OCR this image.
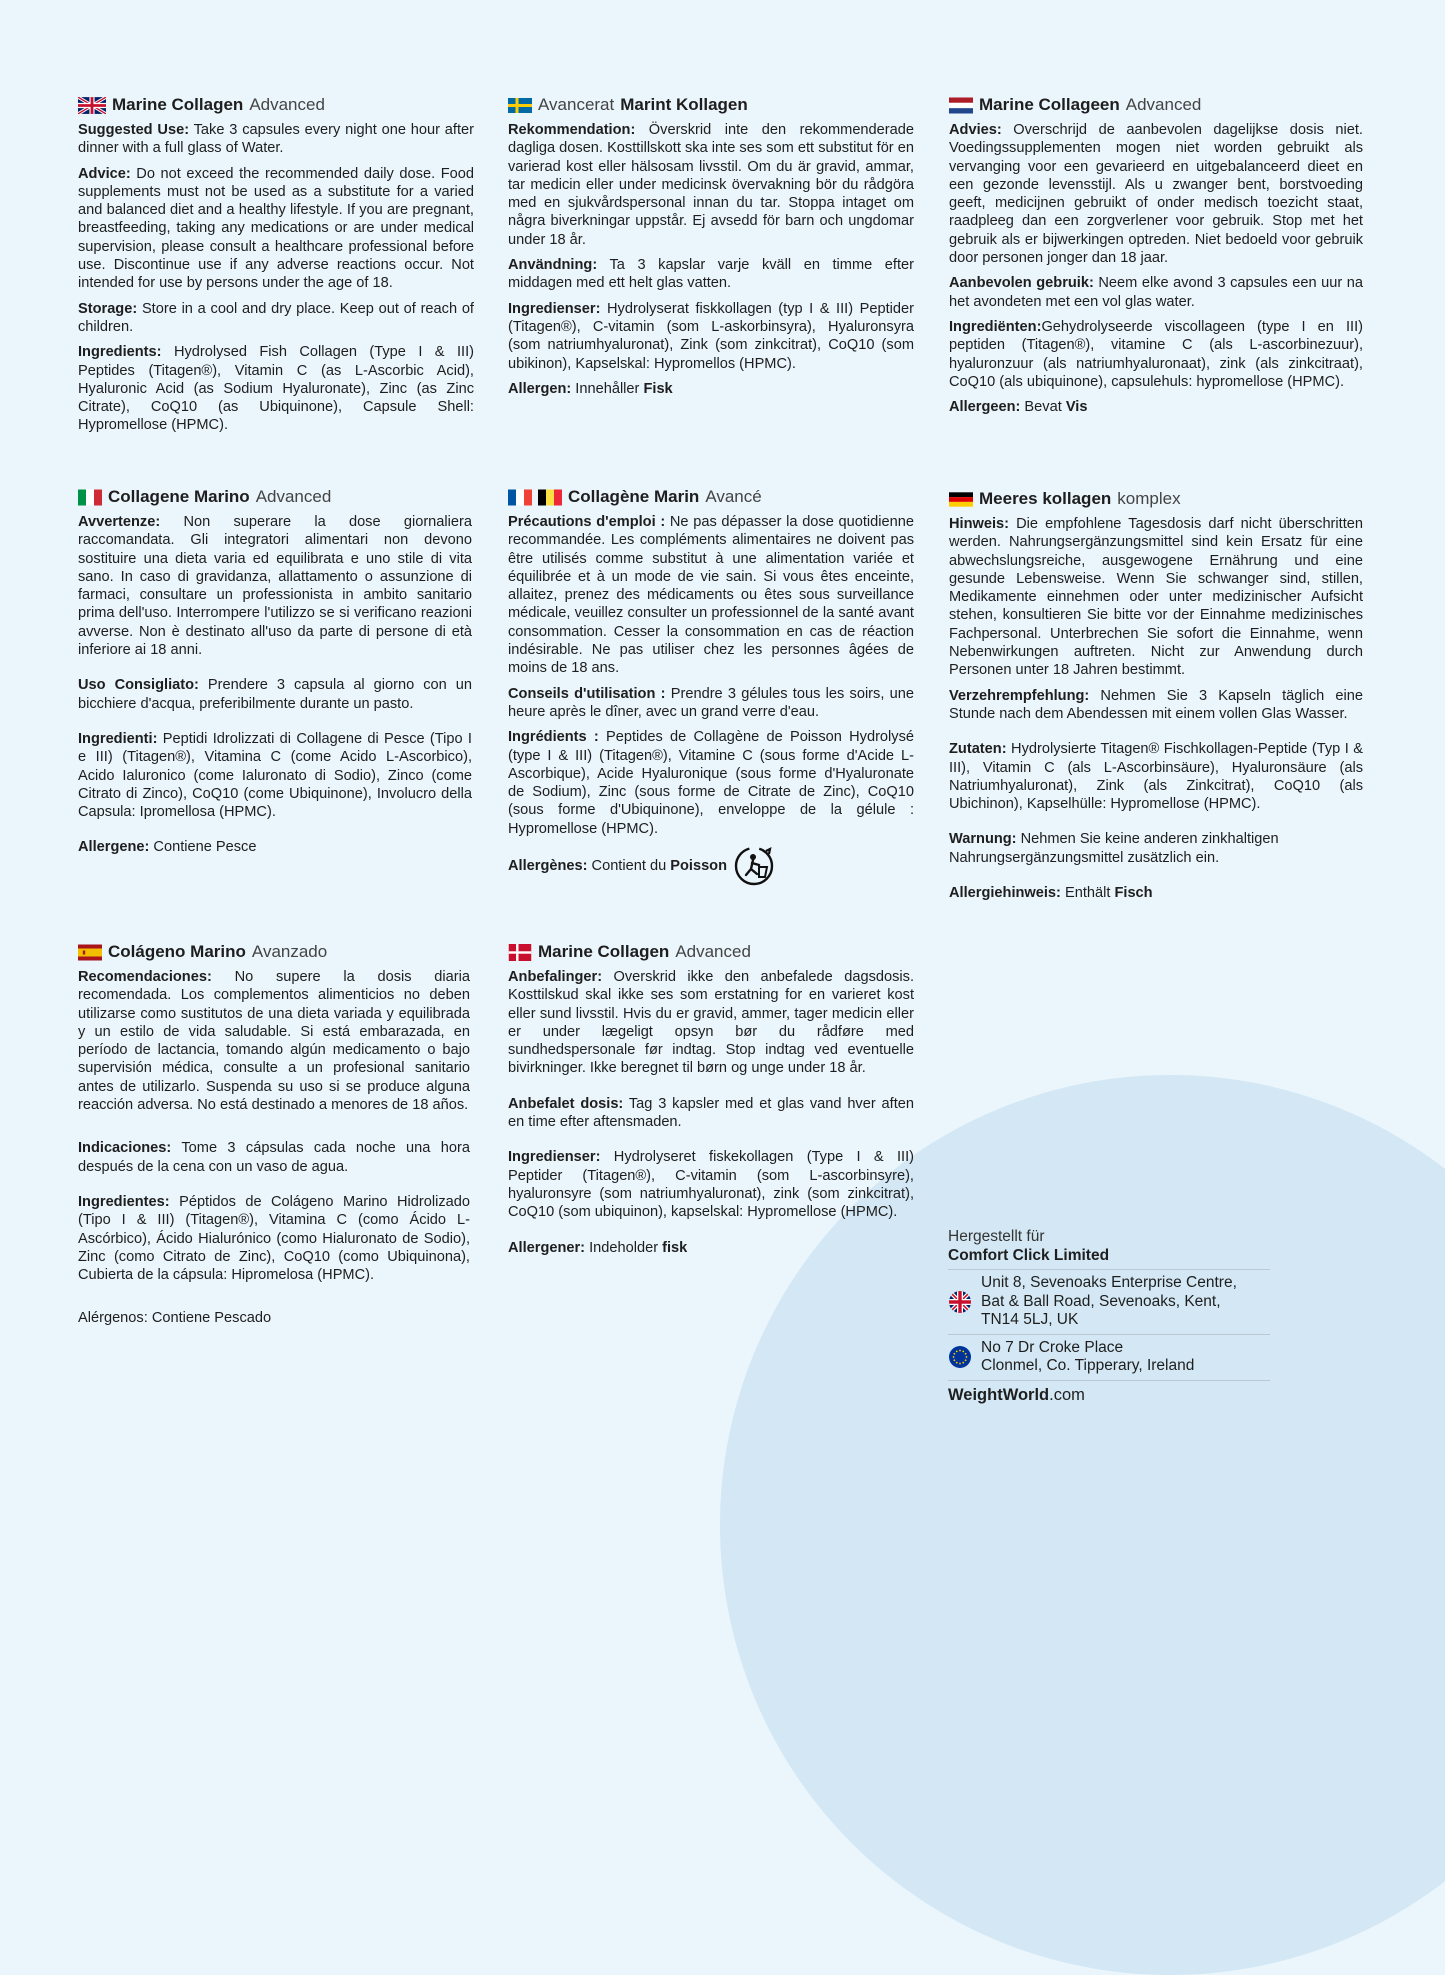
Marine Collagen Advanced

Suggested Use: Take 3 capsules every night one hour after dinner with a full glass of Water.

Advice: Do not exceed the recommended daily dose. Food supplements must not be used as a substitute for a varied and balanced diet and a healthy lifestyle. If you are pregnant, breastfeeding, taking any medications or are under medical supervision, please consult a healthcare professional before use. Discontinue use if any adverse reactions occur. Not intended for use by persons under the age of 18.

Storage: Store in a cool and dry place. Keep out of reach of children.

Ingredients: Hydrolysed Fish Collagen (Type I & III) Peptides (Titagen®), Vitamin C (as L-Ascorbic Acid), Hyaluronic Acid (as Sodium Hyaluronate), Zinc (as Zinc Citrate), CoQ10 (as Ubiquinone), Capsule Shell: Hypromellose (HPMC).

Avancerat Marint Kollagen

Rekommendation: Överskrid inte den rekommenderade dagliga dosen. Kosttillskott ska inte ses som ett substitut för en varierad kost eller hälsosam livsstil. Om du är gravid, ammar, tar medicin eller under medicinsk övervakning bör du rådgöra med en sjukvårdspersonal innan du tar. Stoppa intaget om några biverkningar uppstår. Ej avsedd för barn och ungdomar under 18 år.

Användning: Ta 3 kapslar varje kväll en timme efter middagen med ett helt glas vatten.

Ingredienser: Hydrolyserat fiskkollagen (typ I & III) Peptider (Titagen®), C-vitamin (som L-askorbinsyra), Hyaluronsyra (som natriumhyaluronat), Zink (som zinkcitrat), CoQ10 (som ubikinon), Kapselskal: Hypromellos (HPMC).

Allergen: Innehåller Fisk

Marine Collageen Advanced

Advies: Overschrijd de aanbevolen dagelijkse dosis niet. Voedingssupplementen mogen niet worden gebruikt als vervanging voor een gevarieerd en uitgebalanceerd dieet en een gezonde levensstijl. Als u zwanger bent, borstvoeding geeft, medicijnen gebruikt of onder medisch toezicht staat, raadpleeg dan een zorgverlener voor gebruik. Stop met het gebruik als er bijwerkingen optreden. Niet bedoeld voor gebruik door personen jonger dan 18 jaar.

Aanbevolen gebruik: Neem elke avond 3 capsules een uur na het avondeten met een vol glas water.

Ingrediënten:Gehydrolyseerde viscollageen (type I en III) peptiden (Titagen®), vitamine C (als L-ascorbinezuur), hyaluronzuur (als natriumhyaluronaat), zink (als zinkcitraat), CoQ10 (als ubiquinone), capsulehuls: hypromellose (HPMC).

Allergeen: Bevat Vis

Collagene Marino Advanced

Avvertenze: Non superare la dose giornaliera raccomandata. Gli integratori alimentari non devono sostituire una dieta varia ed equilibrata e uno stile di vita sano. In caso di gravidanza, allattamento o assunzione di farmaci, consultare un professionista in ambito sanitario prima dell'uso. Interrompere l'utilizzo se si verificano reazioni avverse. Non è destinato all'uso da parte di persone di età inferiore ai 18 anni.

Uso Consigliato: Prendere 3 capsula al giorno con un bicchiere d'acqua, preferibilmente durante un pasto.

Ingredienti: Peptidi Idrolizzati di Collagene di Pesce (Tipo I e III) (Titagen®), Vitamina C (come Acido L-Ascorbico), Acido Ialuronico (come Ialuronato di Sodio), Zinco (come Citrato di Zinco), CoQ10 (come Ubiquinone), Involucro della Capsula: Ipromellosa (HPMC).

Allergene: Contiene Pesce

Collagène Marin Avancé

Précautions d'emploi : Ne pas dépasser la dose quotidienne recommandée. Les compléments alimentaires ne doivent pas être utilisés comme substitut à une alimentation variée et équilibrée et à un mode de vie sain. Si vous êtes enceinte, allaitez, prenez des médicaments ou êtes sous surveillance médicale, veuillez consulter un professionnel de la santé avant consommation. Cesser la consommation en cas de réaction indésirable. Ne pas utiliser chez les personnes âgées de moins de 18 ans.

Conseils d'utilisation : Prendre 3 gélules tous les soirs, une heure après le dîner, avec un grand verre d'eau.

Ingrédients : Peptides de Collagène de Poisson Hydrolysé (type I & III) (Titagen®), Vitamine C (sous forme d'Acide L-Ascorbique), Acide Hyaluronique (sous forme d'Hyaluronate de Sodium), Zinc (sous forme de Citrate de Zinc), CoQ10 (sous forme d'Ubiquinone), enveloppe de la gélule : Hypromellose (HPMC).

Allergènes: Contient du Poisson

Meeres kollagen komplex

Hinweis: Die empfohlene Tagesdosis darf nicht überschritten werden. Nahrungsergänzungsmittel sind kein Ersatz für eine abwechslungsreiche, ausgewogene Ernährung und eine gesunde Lebensweise. Wenn Sie schwanger sind, stillen, Medikamente einnehmen oder unter medizinischer Aufsicht stehen, konsultieren Sie bitte vor der Einnahme medizinisches Fachpersonal. Unterbrechen Sie sofort die Einnahme, wenn Nebenwirkungen auftreten. Nicht zur Anwendung durch Personen unter 18 Jahren bestimmt.

Verzehrempfehlung: Nehmen Sie 3 Kapseln täglich eine Stunde nach dem Abendessen mit einem vollen Glas Wasser.

Zutaten: Hydrolysierte Titagen® Fischkollagen-Peptide (Typ I & III), Vitamin C (als L-Ascorbinsäure), Hyaluronsäure (als Natriumhyaluronat), Zink (als Zinkcitrat), CoQ10 (als Ubichinon), Kapselhülle: Hypromellose (HPMC).

Warnung: Nehmen Sie keine anderen zinkhaltigen Nahrungsergänzungsmittel zusätzlich ein.

Allergiehinweis: Enthält Fisch

Colágeno Marino Avanzado

Recomendaciones: No supere la dosis diaria recomendada. Los complementos alimenticios no deben utilizarse como sustitutos de una dieta variada y equilibrada y un estilo de vida saludable. Si está embarazada, en período de lactancia, tomando algún medicamento o bajo supervisión médica, consulte a un profesional sanitario antes de utilizarlo. Suspenda su uso si se produce alguna reacción adversa. No está destinado a menores de 18 años.

Indicaciones: Tome 3 cápsulas cada noche una hora después de la cena con un vaso de agua.

Ingredientes: Péptidos de Colágeno Marino Hidrolizado (Tipo I & III) (Titagen®), Vitamina C (como Ácido L-Ascórbico), Ácido Hialurónico (como Hialuronato de Sodio), Zinc (como Citrato de Zinc), CoQ10 (como Ubiquinona), Cubierta de la cápsula: Hipromelosa (HPMC).

Alérgenos: Contiene Pescado

Marine Collagen Advanced

Anbefalinger: Overskrid ikke den anbefalede dagsdosis. Kosttilskud skal ikke ses som erstatning for en varieret kost eller sund livsstil. Hvis du er gravid, ammer, tager medicin eller er under lægeligt opsyn bør du rådføre med sundhedspersonale før indtag. Stop indtag ved eventuelle bivirkninger. Ikke beregnet til børn og unge under 18 år.

Anbefalet dosis: Tag 3 kapsler med et glas vand hver aften en time efter aftensmaden.

Ingredienser: Hydrolyseret fiskekollagen (Type I & III) Peptider (Titagen®), C-vitamin (som L-ascorbinsyre), hyaluronsyre (som natriumhyaluronat), zink (som zinkcitrat), CoQ10 (som ubiquinon), kapselskal: Hypromellose (HPMC).

Allergener: Indeholder fisk

Hergestellt für
Comfort Click Limited
Unit 8, Sevenoaks Enterprise Centre,
Bat & Ball Road, Sevenoaks, Kent,
TN14 5LJ, UK
No 7 Dr Croke Place
Clonmel, Co. Tipperary, Ireland
WeightWorld.com
